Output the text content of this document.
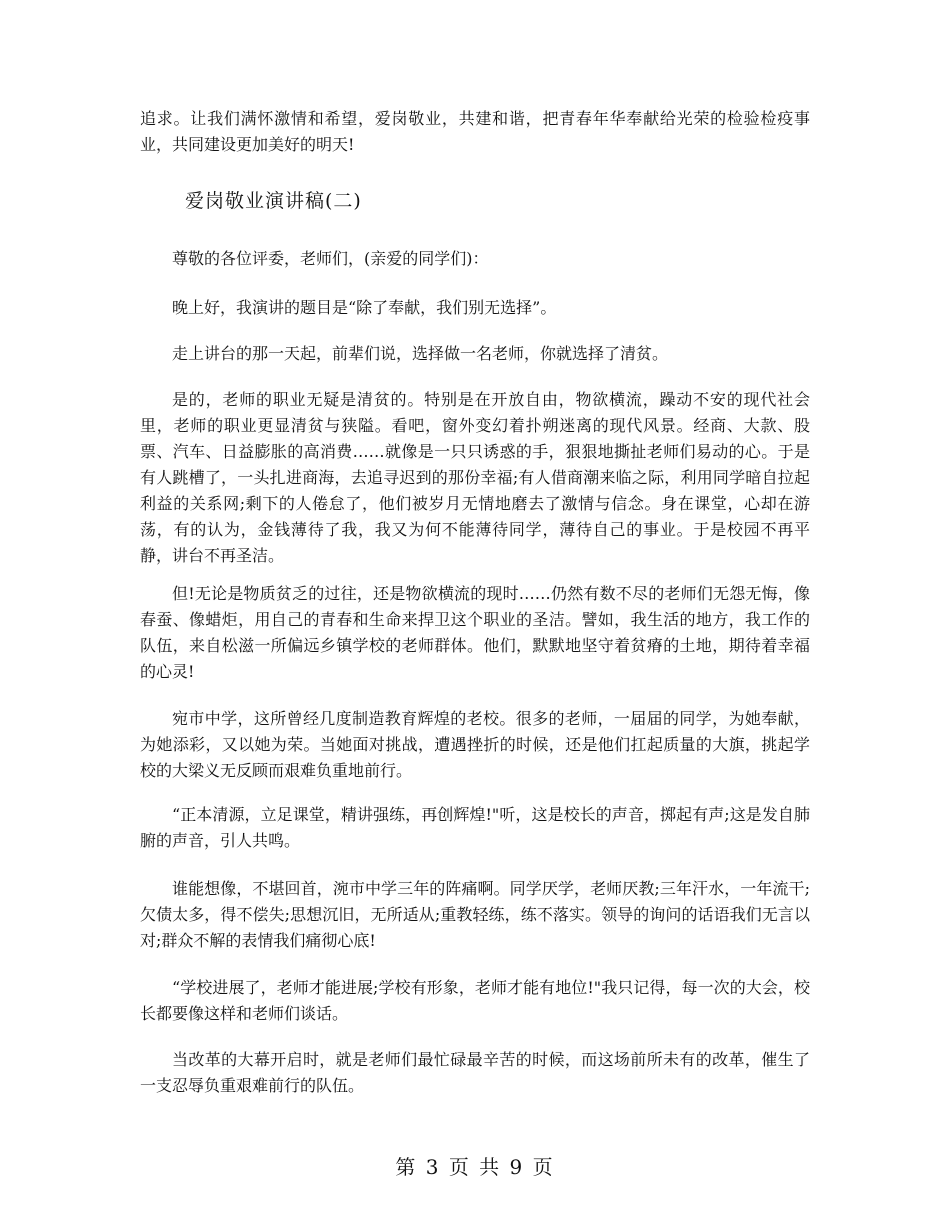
追求。让我们满怀激情和希望，爱岗敬业，共建和谐，把青春年华奉献给光荣的检验检疫事业，共同建设更加美好的明天!

爱岗敬业演讲稿(二)

尊敬的各位评委，老师们，(亲爱的同学们)：

晚上好，我演讲的题目是“除了奉献，我们别无选择”。

走上讲台的那一天起，前辈们说，选择做一名老师，你就选择了清贫。

是的，老师的职业无疑是清贫的。特别是在开放自由，物欲横流，躁动不安的现代社会里，老师的职业更显清贫与狭隘。看吧，窗外变幻着扑朔迷离的现代风景。经商、大款、股票、汽车、日益膨胀的高消费……就像是一只只诱惑的手，狠狠地撕扯老师们易动的心。于是有人跳槽了，一头扎进商海，去追寻迟到的那份幸福;有人借商潮来临之际，利用同学暗自拉起利益的关系网;剩下的人倦怠了，他们被岁月无情地磨去了激情与信念。身在课堂，心却在游荡，有的认为，金钱薄待了我，我又为何不能薄待同学，薄待自己的事业。于是校园不再平静，讲台不再圣洁。

但!无论是物质贫乏的过往，还是物欲横流的现时……仍然有数不尽的老师们无怨无悔，像春蚕、像蜡炬，用自己的青春和生命来捍卫这个职业的圣洁。譬如，我生活的地方，我工作的队伍，来自松滋一所偏远乡镇学校的老师群体。他们，默默地坚守着贫瘠的土地，期待着幸福的心灵!

宛市中学，这所曾经几度制造教育辉煌的老校。很多的老师，一届届的同学，为她奉献，为她添彩，又以她为荣。当她面对挑战，遭遇挫折的时候，还是他们扛起质量的大旗，挑起学校的大梁义无反顾而艰难负重地前行。

“正本清源，立足课堂，精讲强练，再创辉煌!"听，这是校长的声音，掷起有声;这是发自肺腑的声音，引人共鸣。

谁能想像，不堪回首，涴市中学三年的阵痛啊。同学厌学，老师厌教;三年汗水，一年流干;欠债太多，得不偿失;思想沉旧，无所适从;重教轻练，练不落实。领导的询问的话语我们无言以对;群众不解的表情我们痛彻心底!

“学校进展了，老师才能进展;学校有形象，老师才能有地位!"我只记得，每一次的大会，校长都要像这样和老师们谈话。

当改革的大幕开启时，就是老师们最忙碌最辛苦的时候，而这场前所未有的改革，催生了一支忍辱负重艰难前行的队伍。

第 3 页 共 9 页
